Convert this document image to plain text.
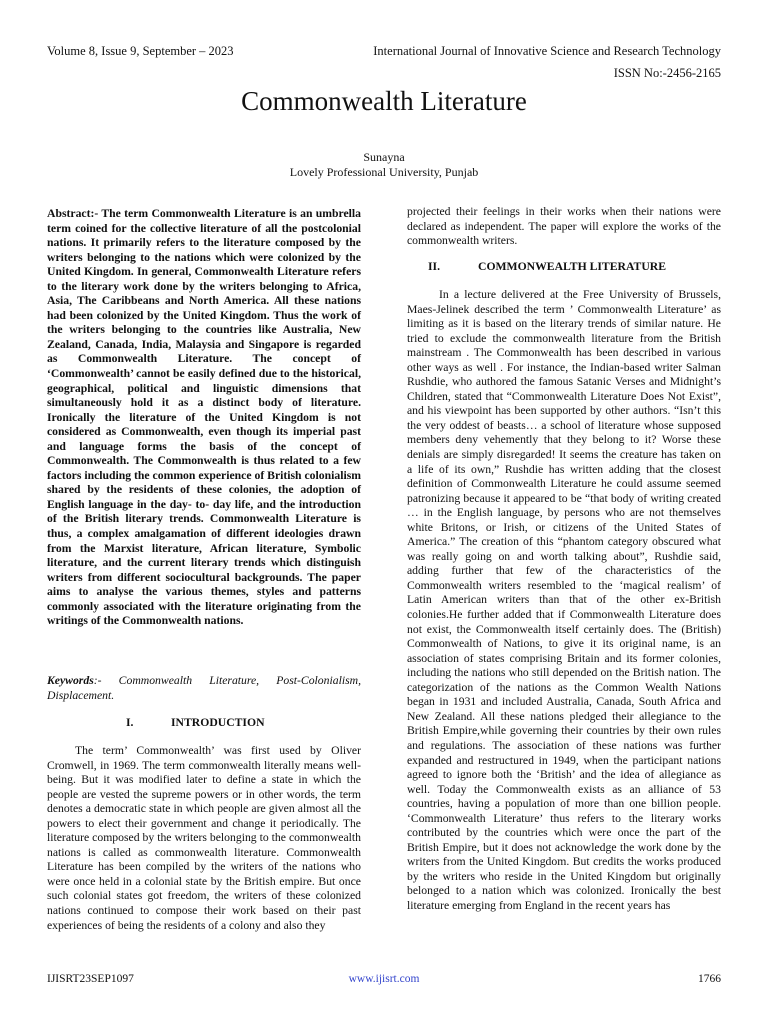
Volume 8, Issue 9, September – 2023	International Journal of Innovative Science and Research Technology
ISSN No:-2456-2165
Commonwealth Literature
Sunayna
Lovely Professional University, Punjab
Abstract:- The term Commonwealth Literature is an umbrella term coined for the collective literature of all the postcolonial nations. It primarily refers to the literature composed by the writers belonging to the nations which were colonized by the United Kingdom. In general, Commonwealth Literature refers to the literary work done by the writers belonging to Africa, Asia, The Caribbeans and North America. All these nations had been colonized by the United Kingdom. Thus the work of the writers belonging to the countries like Australia, New Zealand, Canada, India, Malaysia and Singapore is regarded as Commonwealth Literature. The concept of ‘Commonwealth’ cannot be easily defined due to the historical, geographical, political and linguistic dimensions that simultaneously hold it as a distinct body of literature. Ironically the literature of the United Kingdom is not considered as Commonwealth, even though its imperial past and language forms the basis of the concept of Commonwealth. The Commonwealth is thus related to a few factors including the common experience of British colonialism shared by the residents of these colonies, the adoption of English language in the day- to- day life, and the introduction of the British literary trends. Commonwealth Literature is thus, a complex amalgamation of different ideologies drawn from the Marxist literature, African literature, Symbolic literature, and the current literary trends which distinguish writers from different sociocultural backgrounds. The paper aims to analyse the various themes, styles and patterns commonly associated with the literature originating from the writings of the Commonwealth nations.
Keywords:- Commonwealth Literature, Post-Colonialism, Displacement.
I.	INTRODUCTION
The term’ Commonwealth’ was first used by Oliver Cromwell, in 1969. The term commonwealth literally means well-being. But it was modified later to define a state in which the people are vested the supreme powers or in other words, the term denotes a democratic state in which people are given almost all the powers to elect their government and change it periodically. The literature composed by the writers belonging to the commonwealth nations is called as commonwealth literature. Commonwealth Literature has been compiled by the writers of the nations who were once held in a colonial state by the British empire. But once such colonial states got freedom, the writers of these colonized nations continued to compose their work based on their past experiences of being the residents of a colony and also they
projected their feelings in their works when their nations were declared as independent. The paper will explore the works of the commonwealth writers.
II.	COMMONWEALTH LITERATURE
In a lecture delivered at the Free University of Brussels, Maes-Jelinek described the term ’ Commonwealth Literature’ as limiting as it is based on the literary trends of similar nature. He tried to exclude the commonwealth literature from the British mainstream . The Commonwealth has been described in various other ways as well . For instance, the Indian-based writer Salman Rushdie, who authored the famous Satanic Verses and Midnight’s Children, stated that “Commonwealth Literature Does Not Exist”, and his viewpoint has been supported by other authors. “Isn’t this the very oddest of beasts… a school of literature whose supposed members deny vehemently that they belong to it? Worse these denials are simply disregarded! It seems the creature has taken on a life of its own,” Rushdie has written adding that the closest definition of Commonwealth Literature he could assume seemed patronizing because it appeared to be “that body of writing created … in the English language, by persons who are not themselves white Britons, or Irish, or citizens of the United States of America.” The creation of this “phantom category obscured what was really going on and worth talking about”, Rushdie said, adding further that few of the characteristics of the Commonwealth writers resembled to the ‘magical realism’ of Latin American writers than that of the other ex-British colonies.He further added that if Commonwealth Literature does not exist, the Commonwealth itself certainly does. The (British) Commonwealth of Nations, to give it its original name, is an association of states comprising Britain and its former colonies, including the nations who still depended on the British nation. The categorization of the nations as the Common Wealth Nations began in 1931 and included Australia, Canada, South Africa and New Zealand. All these nations pledged their allegiance to the British Empire,while governing their countries by their own rules and regulations. The association of these nations was further expanded and restructured in 1949, when the participant nations agreed to ignore both the ‘British’ and the idea of allegiance as well. Today the Commonwealth exists as an alliance of 53 countries, having a population of more than one billion people. ‘Commonwealth Literature’ thus refers to the literary works contributed by the countries which were once the part of the British Empire, but it does not acknowledge the work done by the writers from the United Kingdom. But credits the works produced by the writers who reside in the United Kingdom but originally belonged to a nation which was colonized. Ironically the best literature emerging from England in the recent years has
IJISRT23SEP1097	www.ijisrt.com	1766
